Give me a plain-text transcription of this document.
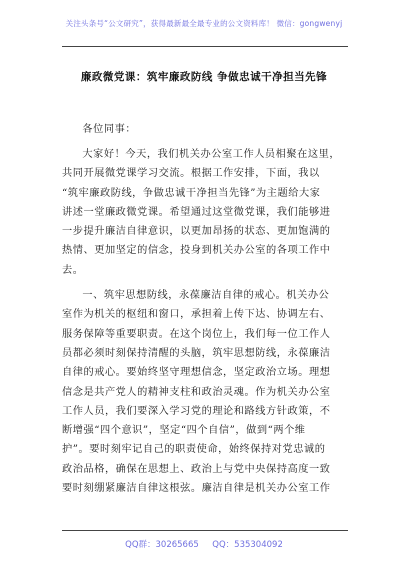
关注头条号“公文研究”，获得最新最全最专业的公文资料库！ 微信：gongwenyj
廉政微党课：筑牢廉政防线 争做忠诚干净担当先锋

各位同事：

大家好！今天，我们机关办公室工作人员相聚在这里，
共同开展微党课学习交流。根据工作安排，下面，我以
“筑牢廉政防线，争做忠诚干净担当先锋”为主题给大家
讲述一堂廉政微党课。希望通过这堂微党课，我们能够进
一步提升廉洁自律意识，以更加昂扬的状态、更加饱满的
热情、更加坚定的信念，投身到机关办公室的各项工作中
去。
一、筑牢思想防线，永葆廉洁自律的戒心。机关办公
室作为机关的枢纽和窗口，承担着上传下达、协调左右、
服务保障等重要职责。在这个岗位上，我们每一位工作人
员都必须时刻保持清醒的头脑，筑牢思想防线，永葆廉洁
自律的戒心。要始终坚守理想信念，坚定政治立场。理想
信念是共产党人的精神支柱和政治灵魂。作为机关办公室
工作人员，我们要深入学习党的理论和路线方针政策，不
断增强“四个意识”，坚定“四个自信”，做到“两个维
护”。要时刻牢记自己的职责使命，始终保持对党忠诚的
政治品格，确保在思想上、政治上与党中央保持高度一致
要时刻绷紧廉洁自律这根弦。廉洁自律是机关办公室工作
QQ群：30265665 QQ：535304092
